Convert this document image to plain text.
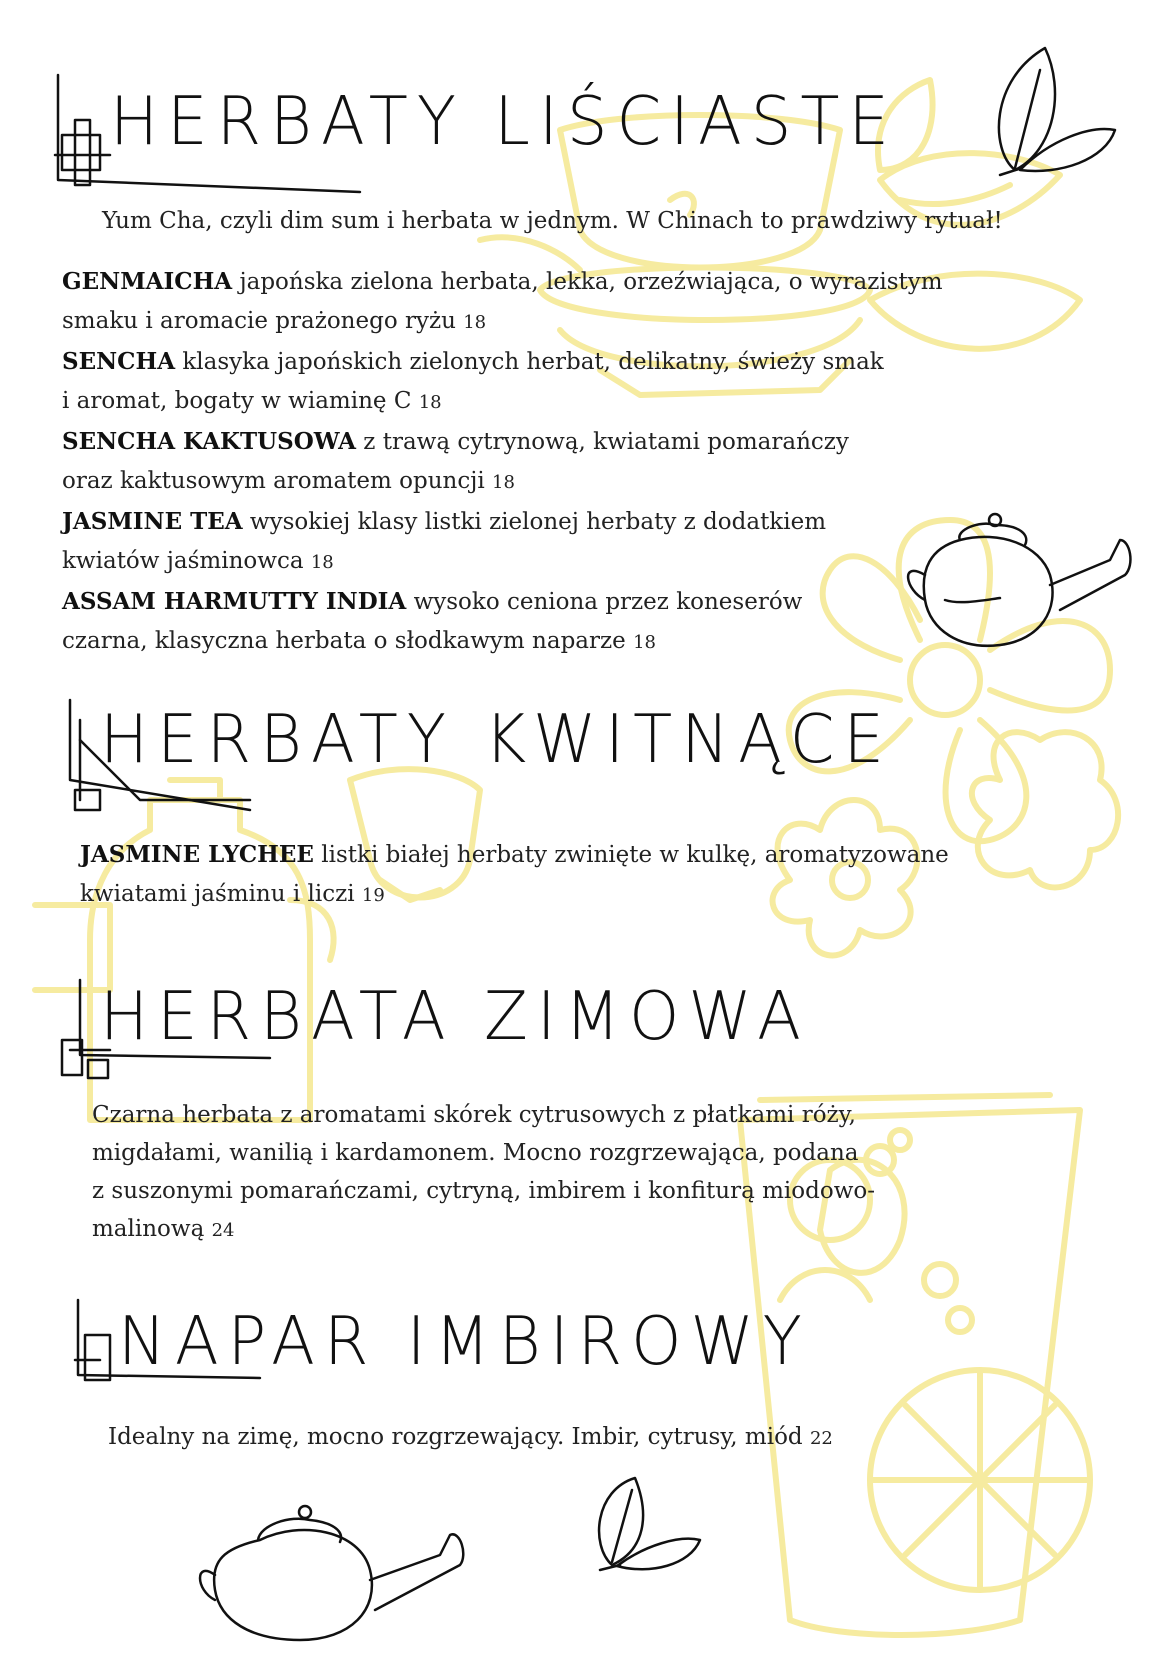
HERBATY LIŚCIASTE
Yum Cha, czyli dim sum i herbata w jednym. W Chinach to prawdziwy rytuał!
GENMAICHA japońska zielona herbata, lekka, orzeźwiająca, o wyrazistym
smaku i aromacie prażonego ryżu 18
SENCHA klasyka japońskich zielonych herbat, delikatny, świeży smak
i aromat, bogaty w wiaminę C 18
SENCHA KAKTUSOWA z trawą cytrynową, kwiatami pomarańczy
oraz kaktusowym aromatem opuncji 18
JASMINE TEA wysokiej klasy listki zielonej herbaty z dodatkiem
kwiatów jaśminowca 18
ASSAM HARMUTTY INDIA wysoko ceniona przez koneserów
czarna, klasyczna herbata o słodkawym naparze 18
HERBATY KWITNĄCE
JASMINE LYCHEE listki białej herbaty zwinięte w kulkę, aromatyzowane
kwiatami jaśminu i liczi 19
HERBATA ZIMOWA
Czarna herbata z aromatami skórek cytrusowych z płatkami róży,
migdałami, wanilią i kardamonem. Mocno rozgrzewająca, podana
z suszonymi pomarańczami, cytryną, imbirem i konfiturą miodowo-
malinową 24
NAPAR IMBIROWY
Idealny na zimę, mocno rozgrzewający. Imbir, cytrusy, miód 22
